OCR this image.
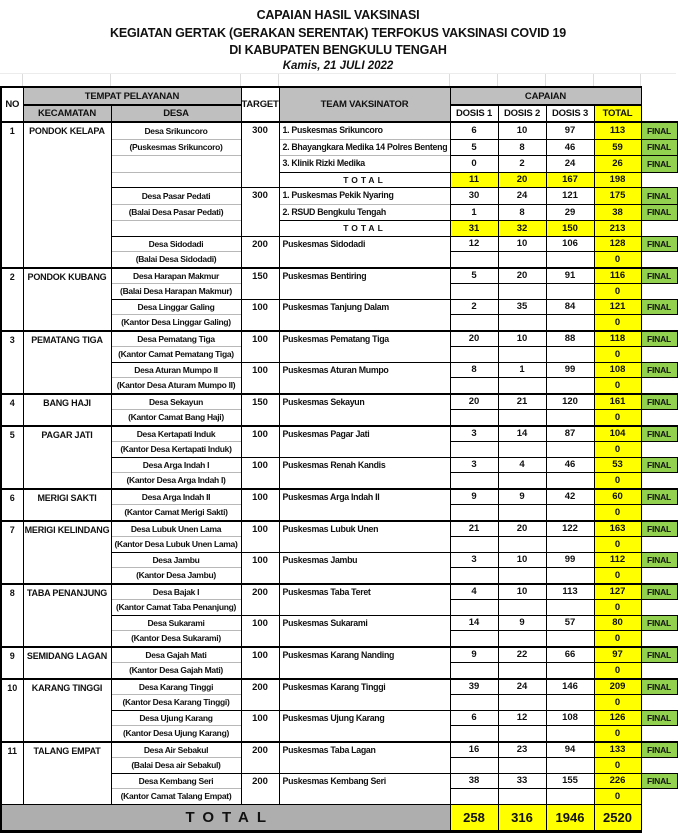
CAPAIAN HASIL VAKSINASI
KEGIATAN GERTAK (GERAKAN SERENTAK) TERFOKUS VAKSINASI COVID 19
DI KABUPATEN BENGKULU TENGAH
Kamis, 21 JULI 2022
NO	TEMPAT PELAYANAN		TARGET	TEAM VAKSINATOR	CAPAIAN				
	KECAMATAN	DESA			DOSIS 1	DOSIS 2	DOSIS 3	TOTAL	
1	PONDOK KELAPA	Desa Srikuncoro	300	1. Puskesmas Srikuncoro	6	10	97	113	FINAL
		(Puskesmas Srikuncoro)		2. Bhayangkara Medika 14 Polres Benteng	5	8	46	59	FINAL
				3. Klinik Rizki Medika	0	2	24	26	FINAL
				TOTAL	11	20	167	198	
		Desa Pasar Pedati	300	1. Puskesmas Pekik Nyaring	30	24	121	175	FINAL
		(Balai Desa Pasar Pedati)		2. RSUD Bengkulu Tengah	1	8	29	38	FINAL
				TOTAL	31	32	150	213	
		Desa Sidodadi	200	Puskesmas Sidodadi	12	10	106	128	FINAL
		(Balai Desa Sidodadi)						0	
2	PONDOK KUBANG	Desa Harapan Makmur	150	Puskesmas Bentiring	5	20	91	116	FINAL
		(Balai Desa Harapan Makmur)						0	
		Desa Linggar Galing	100	Puskesmas Tanjung Dalam	2	35	84	121	FINAL
		(Kantor Desa Linggar Galing)						0	
3	PEMATANG TIGA	Desa Pematang Tiga	100	Puskesmas Pematang Tiga	20	10	88	118	FINAL
		(Kantor Camat Pematang Tiga)						0	
		Desa Aturan Mumpo II	100	Puskesmas Aturan Mumpo	8	1	99	108	FINAL
		(Kantor Desa Aturam Mumpo II)						0	
4	BANG HAJI	Desa Sekayun	150	Puskesmas Sekayun	20	21	120	161	FINAL
		(Kantor Camat Bang Haji)						0	
5	PAGAR JATI	Desa Kertapati Induk	100	Puskesmas Pagar Jati	3	14	87	104	FINAL
		(Kantor Desa Kertapati Induk)						0	
		Desa Arga Indah I	100	Puskesmas Renah Kandis	3	4	46	53	FINAL
		(Kantor Desa Arga Indah I)						0	
6	MERIGI SAKTI	Desa Arga Indah II	100	Puskesmas Arga Indah II	9	9	42	60	FINAL
		(Kantor Camat Merigi Sakti)						0	
7	MERIGI KELINDANG	Desa Lubuk Unen Lama	100	Puskesmas Lubuk Unen	21	20	122	163	FINAL
		(Kantor Desa Lubuk Unen Lama)						0	
		Desa Jambu	100	Puskesmas Jambu	3	10	99	112	FINAL
		(Kantor Desa Jambu)						0	
8	TABA PENANJUNG	Desa Bajak I	200	Puskesmas Taba Teret	4	10	113	127	FINAL
		(Kantor Camat Taba Penanjung)						0	
		Desa Sukarami	100	Puskesmas Sukarami	14	9	57	80	FINAL
		(Kantor Desa Sukarami)						0	
9	SEMIDANG LAGAN	Desa Gajah Mati	100	Puskesmas Karang Nanding	9	22	66	97	FINAL
		(Kantor Desa Gajah Mati)						0	
10	KARANG TINGGI	Desa Karang Tinggi	200	Puskesmas Karang Tinggi	39	24	146	209	FINAL
		(Kantor Desa Karang Tinggi)						0	
		Desa Ujung Karang	100	Puskesmas Ujung Karang	6	12	108	126	FINAL
		(Kantor Desa Ujung Karang)						0	
11	TALANG EMPAT	Desa Air Sebakul	200	Puskesmas Taba Lagan	16	23	94	133	FINAL
		(Balai Desa air Sebakul)						0	
		Desa Kembang Seri	200	Puskesmas Kembang Seri	38	33	155	226	FINAL
		(Kantor Camat Talang Empat)						0	
TOTAL					258	316	1946	2520	
